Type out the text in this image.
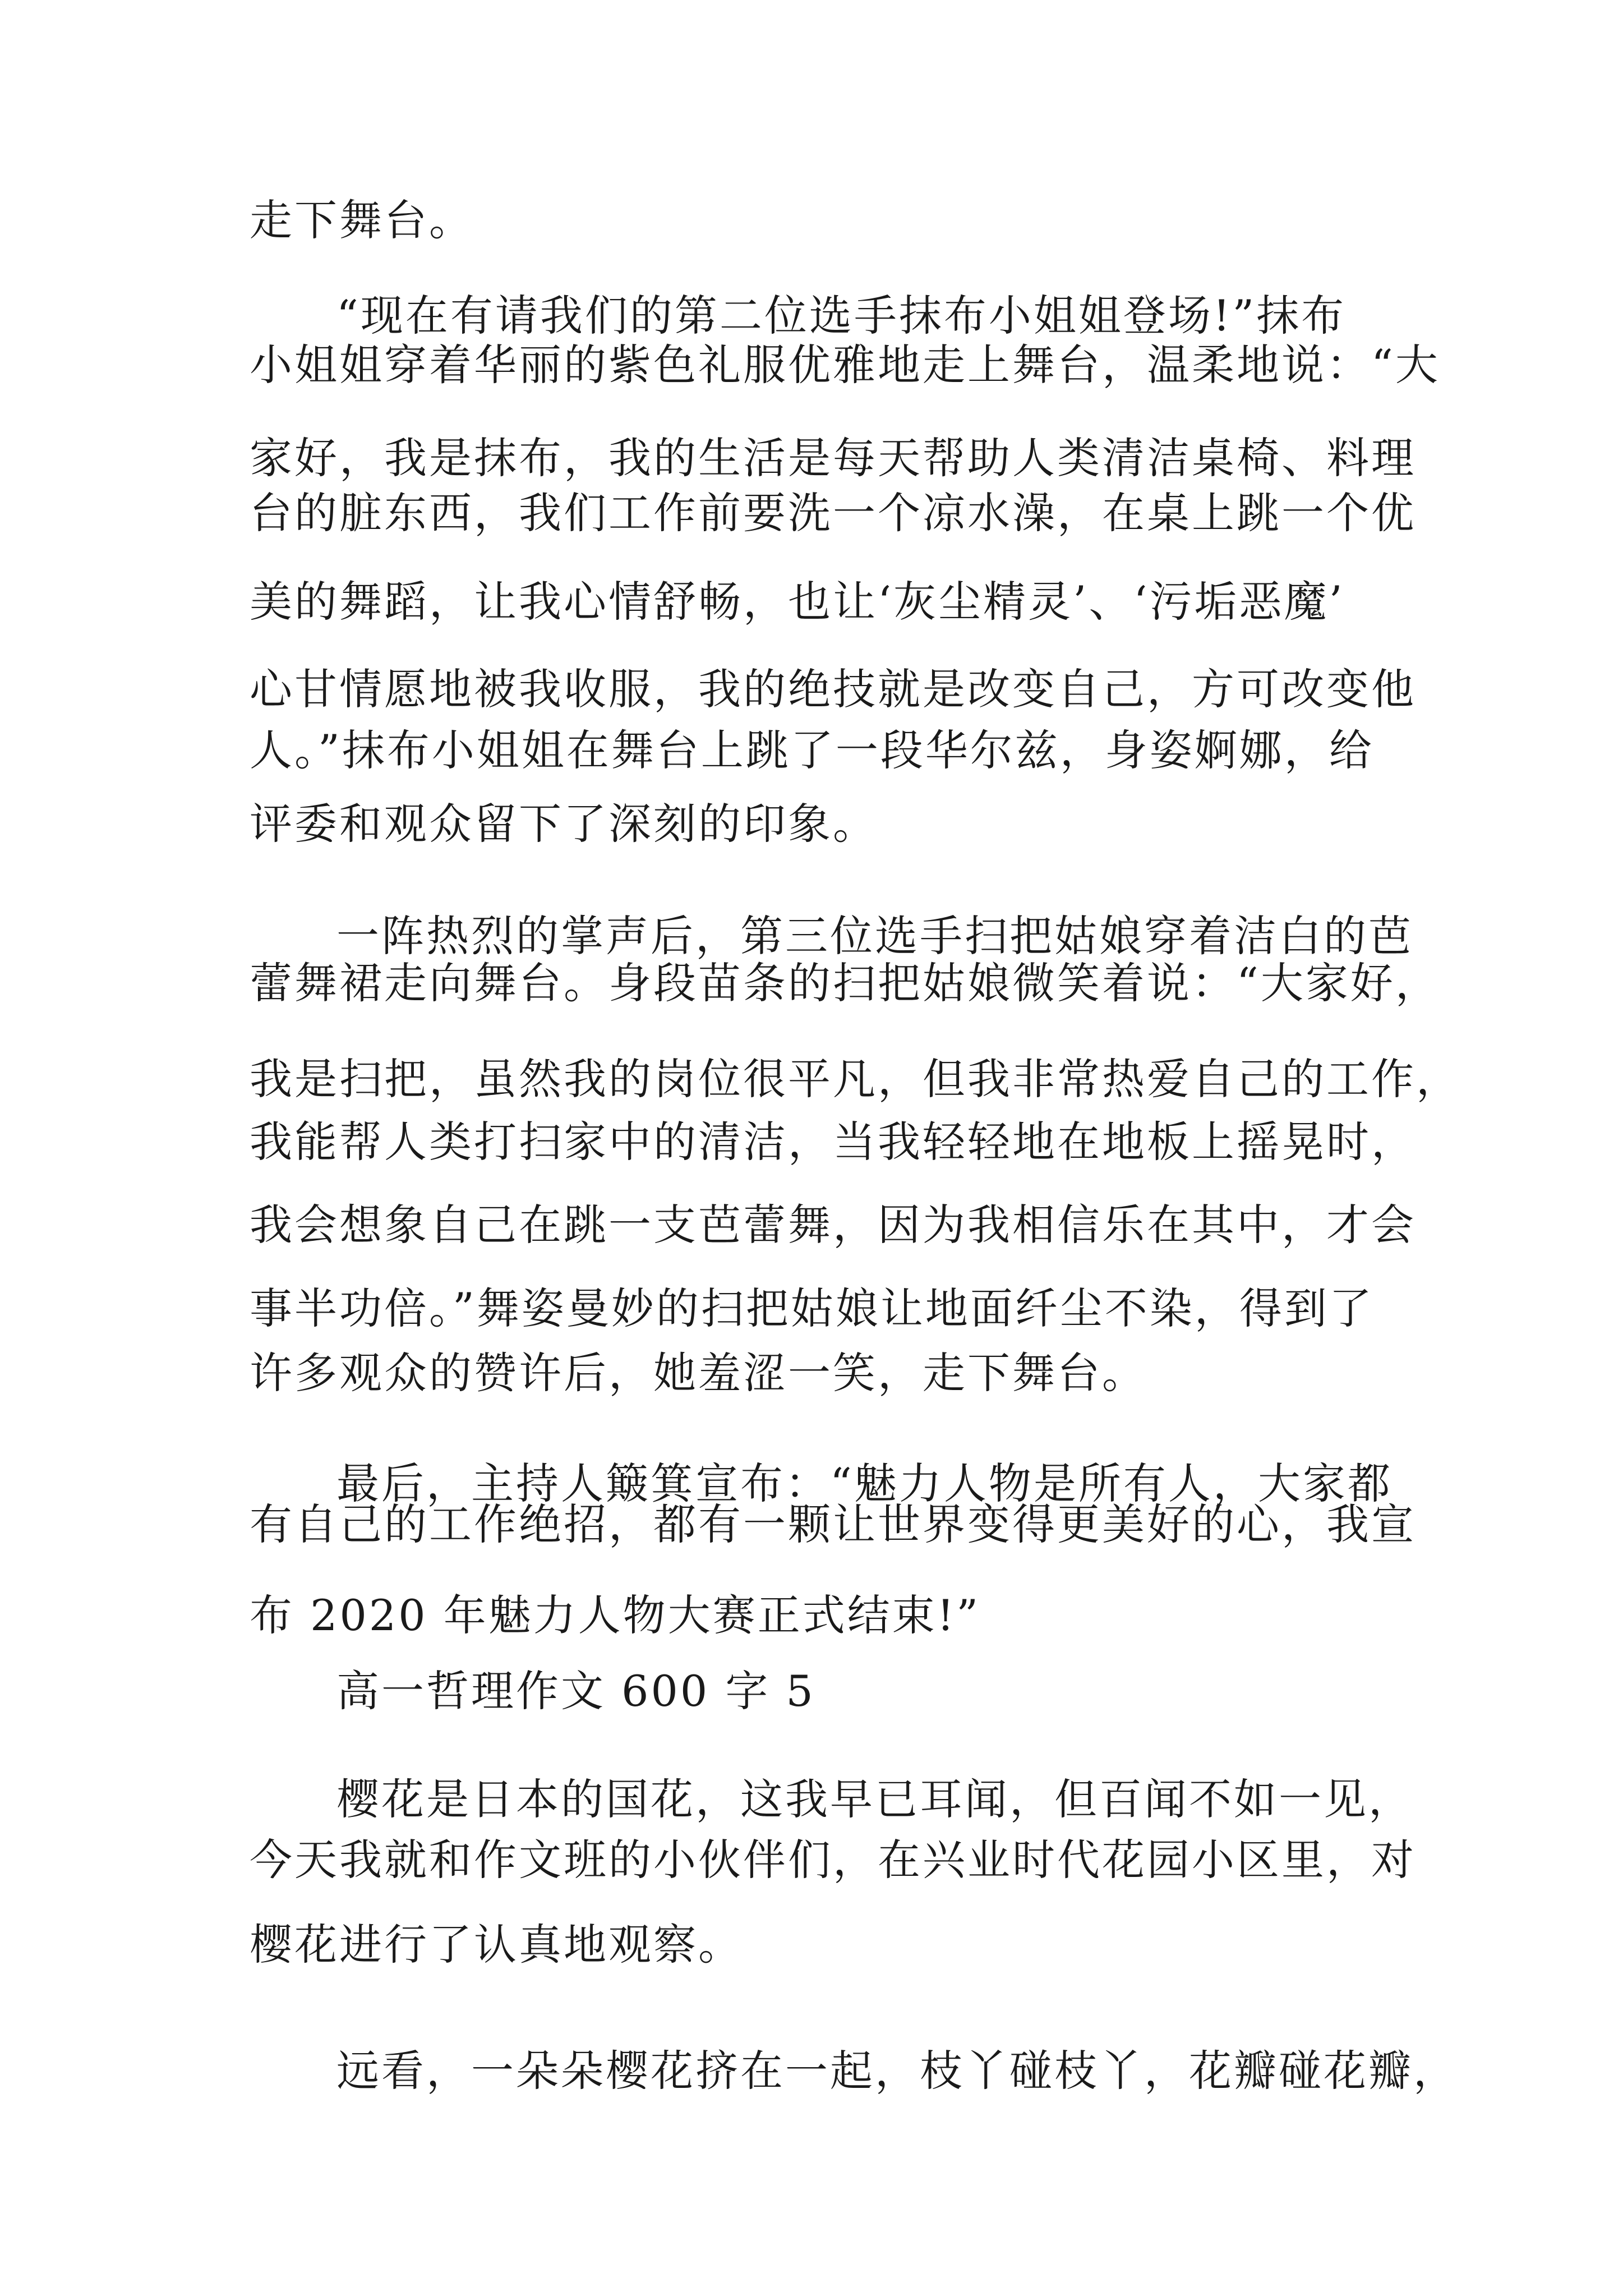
走下舞台。
“现在有请我们的第二位选手抹布小姐姐登场!”抹布
小姐姐穿着华丽的紫色礼服优雅地走上舞台，温柔地说：“大
家好，我是抹布，我的生活是每天帮助人类清洁桌椅、料理
台的脏东西，我们工作前要洗一个凉水澡，在桌上跳一个优
美的舞蹈，让我心情舒畅，也让‘灰尘精灵’、‘污垢恶魔’
心甘情愿地被我收服，我的绝技就是改变自己，方可改变他
人。”抹布小姐姐在舞台上跳了一段华尔兹，身姿婀娜，给
评委和观众留下了深刻的印象。
一阵热烈的掌声后，第三位选手扫把姑娘穿着洁白的芭
蕾舞裙走向舞台。身段苗条的扫把姑娘微笑着说：“大家好，
我是扫把，虽然我的岗位很平凡，但我非常热爱自己的工作，
我能帮人类打扫家中的清洁，当我轻轻地在地板上摇晃时，
我会想象自己在跳一支芭蕾舞，因为我相信乐在其中，才会
事半功倍。”舞姿曼妙的扫把姑娘让地面纤尘不染，得到了
许多观众的赞许后，她羞涩一笑，走下舞台。
最后，主持人簸箕宣布：“魅力人物是所有人，大家都
有自己的工作绝招，都有一颗让世界变得更美好的心，我宣
布 2020 年魅力人物大赛正式结束!”
高一哲理作文 600 字 5
樱花是日本的国花，这我早已耳闻，但百闻不如一见，
今天我就和作文班的小伙伴们，在兴业时代花园小区里，对
樱花进行了认真地观察。
远看，一朵朵樱花挤在一起，枝丫碰枝丫，花瓣碰花瓣，
